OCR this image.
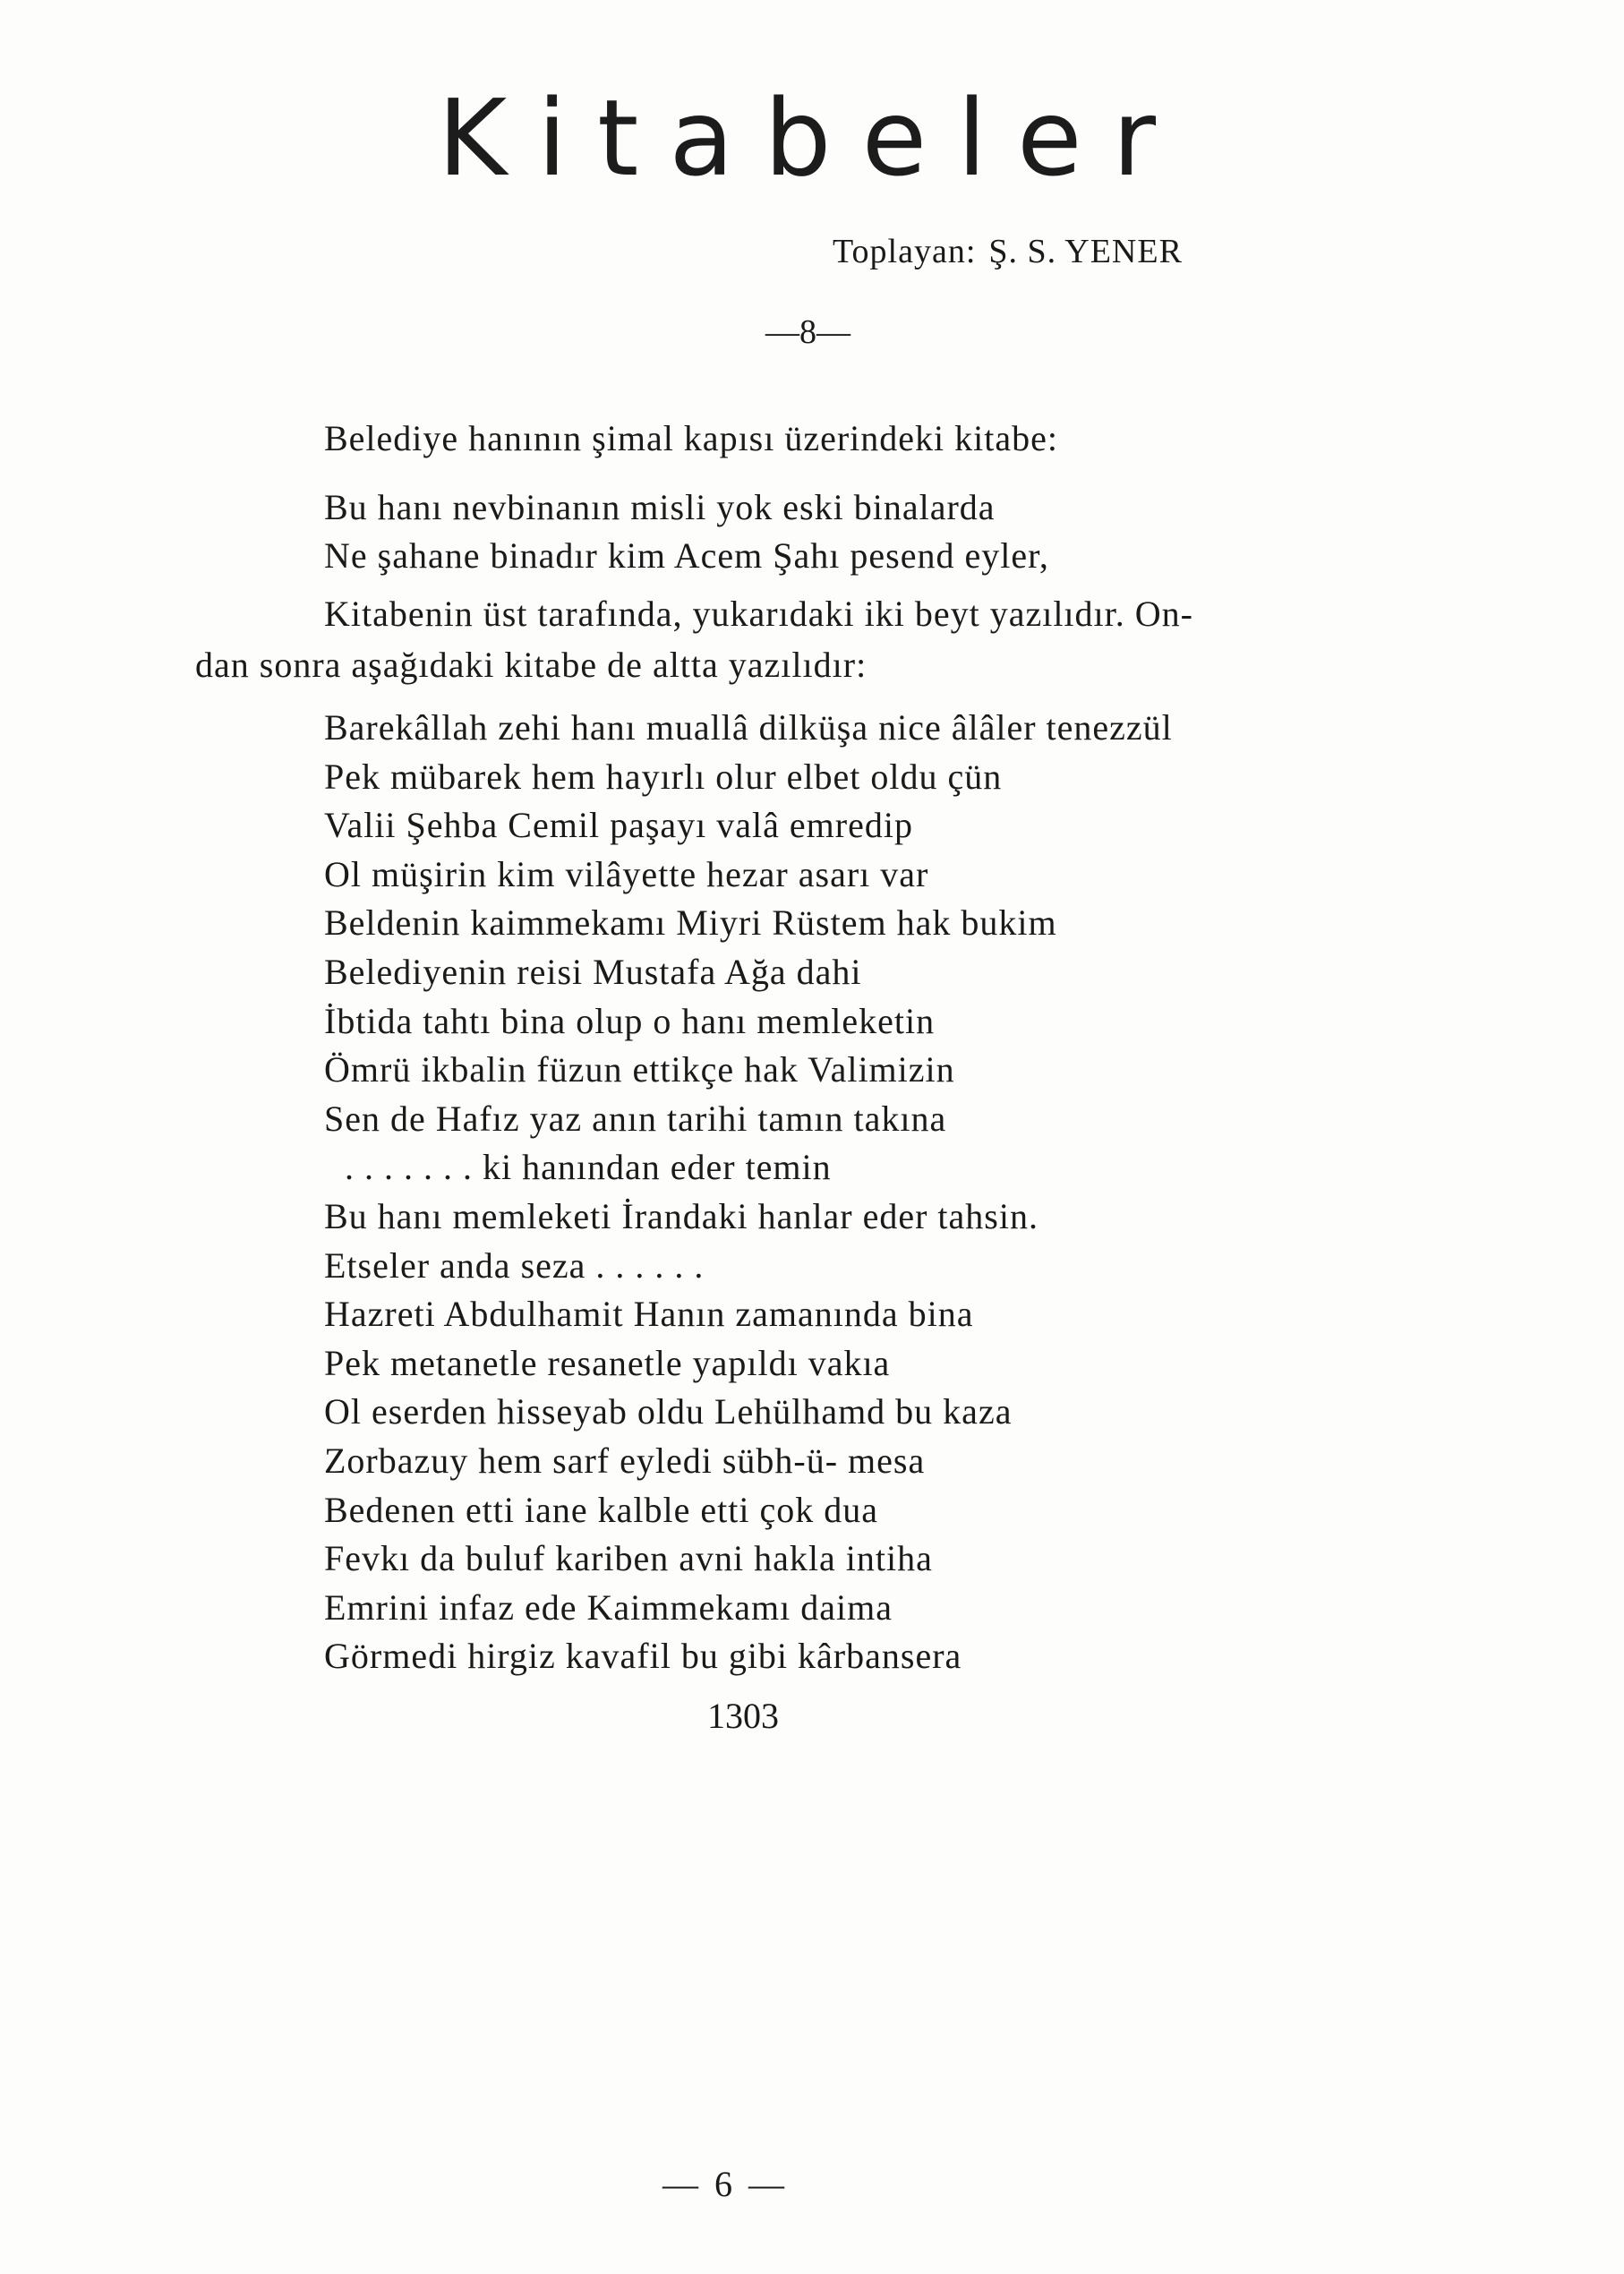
Kitabeler
Toplayan: Ş. S. YENER
—8—
Belediye hanının şimal kapısı üzerindeki kitabe:
Bu hanı nevbinanın misli yok eski binalarda
Ne şahane binadır kim Acem Şahı pesend eyler,
Kitabenin üst tarafında, yukarıdaki iki beyt yazılıdır. On-
dan sonra aşağıdaki kitabe de altta yazılıdır:
Barekâllah zehi hanı muallâ dilküşa nice âlâler tenezzül
Pek mübarek hem hayırlı olur elbet oldu çün
Valii Şehba Cemil paşayı valâ emredip
Ol müşirin kim vilâyette hezar asarı var
Beldenin kaimmekamı Miyri Rüstem hak bukim
Belediyenin reisi Mustafa Ağa dahi
İbtida tahtı bina olup o hanı memleketin
Ömrü ikbalin füzun ettikçe hak Valimizin
Sen de Hafız yaz anın tarihi tamın takına
. . . . . . . ki hanından eder temin
Bu hanı memleketi İrandaki hanlar eder tahsin.
Etseler anda seza . . . . . .
Hazreti Abdulhamit Hanın zamanında bina
Pek metanetle resanetle yapıldı vakıa
Ol eserden hisseyab oldu Lehülhamd bu kaza
Zorbazuy hem sarf eyledi sübh-ü- mesa
Bedenen etti iane kalble etti çok dua
Fevkı da buluf kariben avni hakla intiha
Emrini infaz ede Kaimmekamı daima
Görmedi hirgiz kavafil bu gibi kârbansera
1303
— 6 —
